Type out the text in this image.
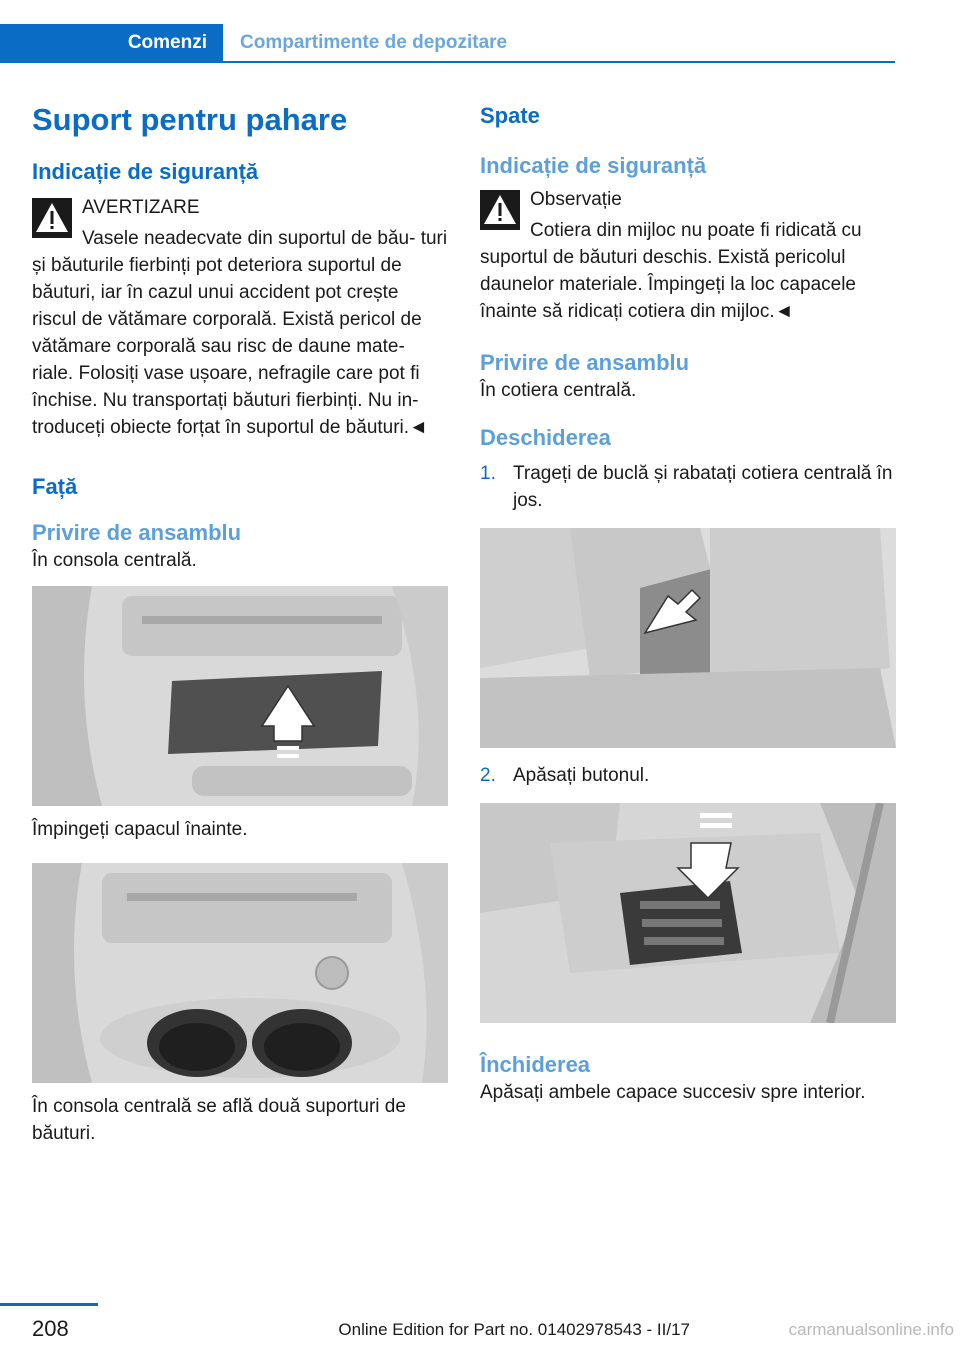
Comenzi	Compartimente de depozitare
Suport pentru pahare
Indicație de siguranță
AVERTIZARE
Vasele neadecvate din suportul de bău‐ turi și băuturile fierbinți pot deteriora suportul de băuturi, iar în cazul unui accident pot crește riscul de vătămare corporală. Există pericol de vătămare corporală sau risc de daune mate‐ riale. Folosiți vase ușoare, nefragile care pot fi închise. Nu transportați băuturi fierbinți. Nu in‐ troduceți obiecte forțat în suportul de băuturi.◄
Față
Privire de ansamblu
În consola centrală.
Împingeți capacul înainte.
În consola centrală se află două suporturi de băuturi.
Spate
Indicație de siguranță
Observație
Cotiera din mijloc nu poate fi ridicată cu suportul de băuturi deschis. Există pericolul daunelor materiale. Împingeți la loc capacele înainte să ridicați cotiera din mijloc.◄
Privire de ansamblu
În cotiera centrală.
Deschiderea
1. Trageți de buclă și rabatați cotiera centrală în jos.
2. Apăsați butonul.
Închiderea
Apăsați ambele capace succesiv spre interior.
208	Online Edition for Part no. 01402978543 - II/17	carmanualsonline.info
